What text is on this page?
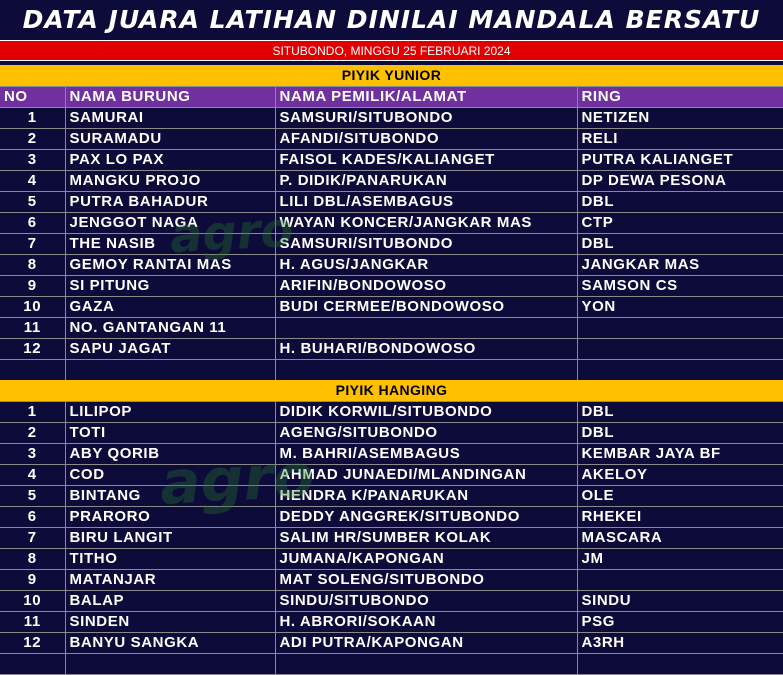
DATA JUARA LATIHAN DINILAI MANDALA BERSATU
SITUBONDO, MINGGU 25 FEBRUARI 2024
PIYIK YUNIOR			
NO	NAMA BURUNG	NAMA PEMILIK/ALAMAT	RING
1	SAMURAI	SAMSURI/SITUBONDO	NETIZEN
2	SURAMADU	AFANDI/SITUBONDO	RELI
3	PAX LO PAX	FAISOL KADES/KALIANGET	PUTRA KALIANGET
4	MANGKU PROJO	P. DIDIK/PANARUKAN	DP DEWA PESONA
5	PUTRA BAHADUR	LILI DBL/ASEMBAGUS	DBL
6	JENGGOT NAGA	WAYAN KONCER/JANGKAR MAS	CTP
7	THE NASIB	SAMSURI/SITUBONDO	DBL
8	GEMOY RANTAI MAS	H. AGUS/JANGKAR	JANGKAR MAS
9	SI PITUNG	ARIFIN/BONDOWOSO	SAMSON CS
10	GAZA	BUDI CERMEE/BONDOWOSO	YON
11	NO. GANTANGAN 11		
12	SAPU JAGAT	H. BUHARI/BONDOWOSO	

PIYIK HANGING			
1	LILIPOP	DIDIK KORWIL/SITUBONDO	DBL
2	TOTI	AGENG/SITUBONDO	DBL
3	ABY QORIB	M. BAHRI/ASEMBAGUS	KEMBAR JAYA BF
4	COD	AHMAD JUNAEDI/MLANDINGAN	AKELOY
5	BINTANG	HENDRA K/PANARUKAN	OLE
6	PRARORO	DEDDY ANGGREK/SITUBONDO	RHEKEI
7	BIRU LANGIT	SALIM HR/SUMBER KOLAK	MASCARA
8	TITHO	JUMANA/KAPONGAN	JM
9	MATANJAR	MAT SOLENG/SITUBONDO	
10	BALAP	SINDU/SITUBONDO	SINDU
11	SINDEN	H. ABRORI/SOKAAN	PSG
12	BANYU SANGKA	ADI PUTRA/KAPONGAN	A3RH

agro
agro
